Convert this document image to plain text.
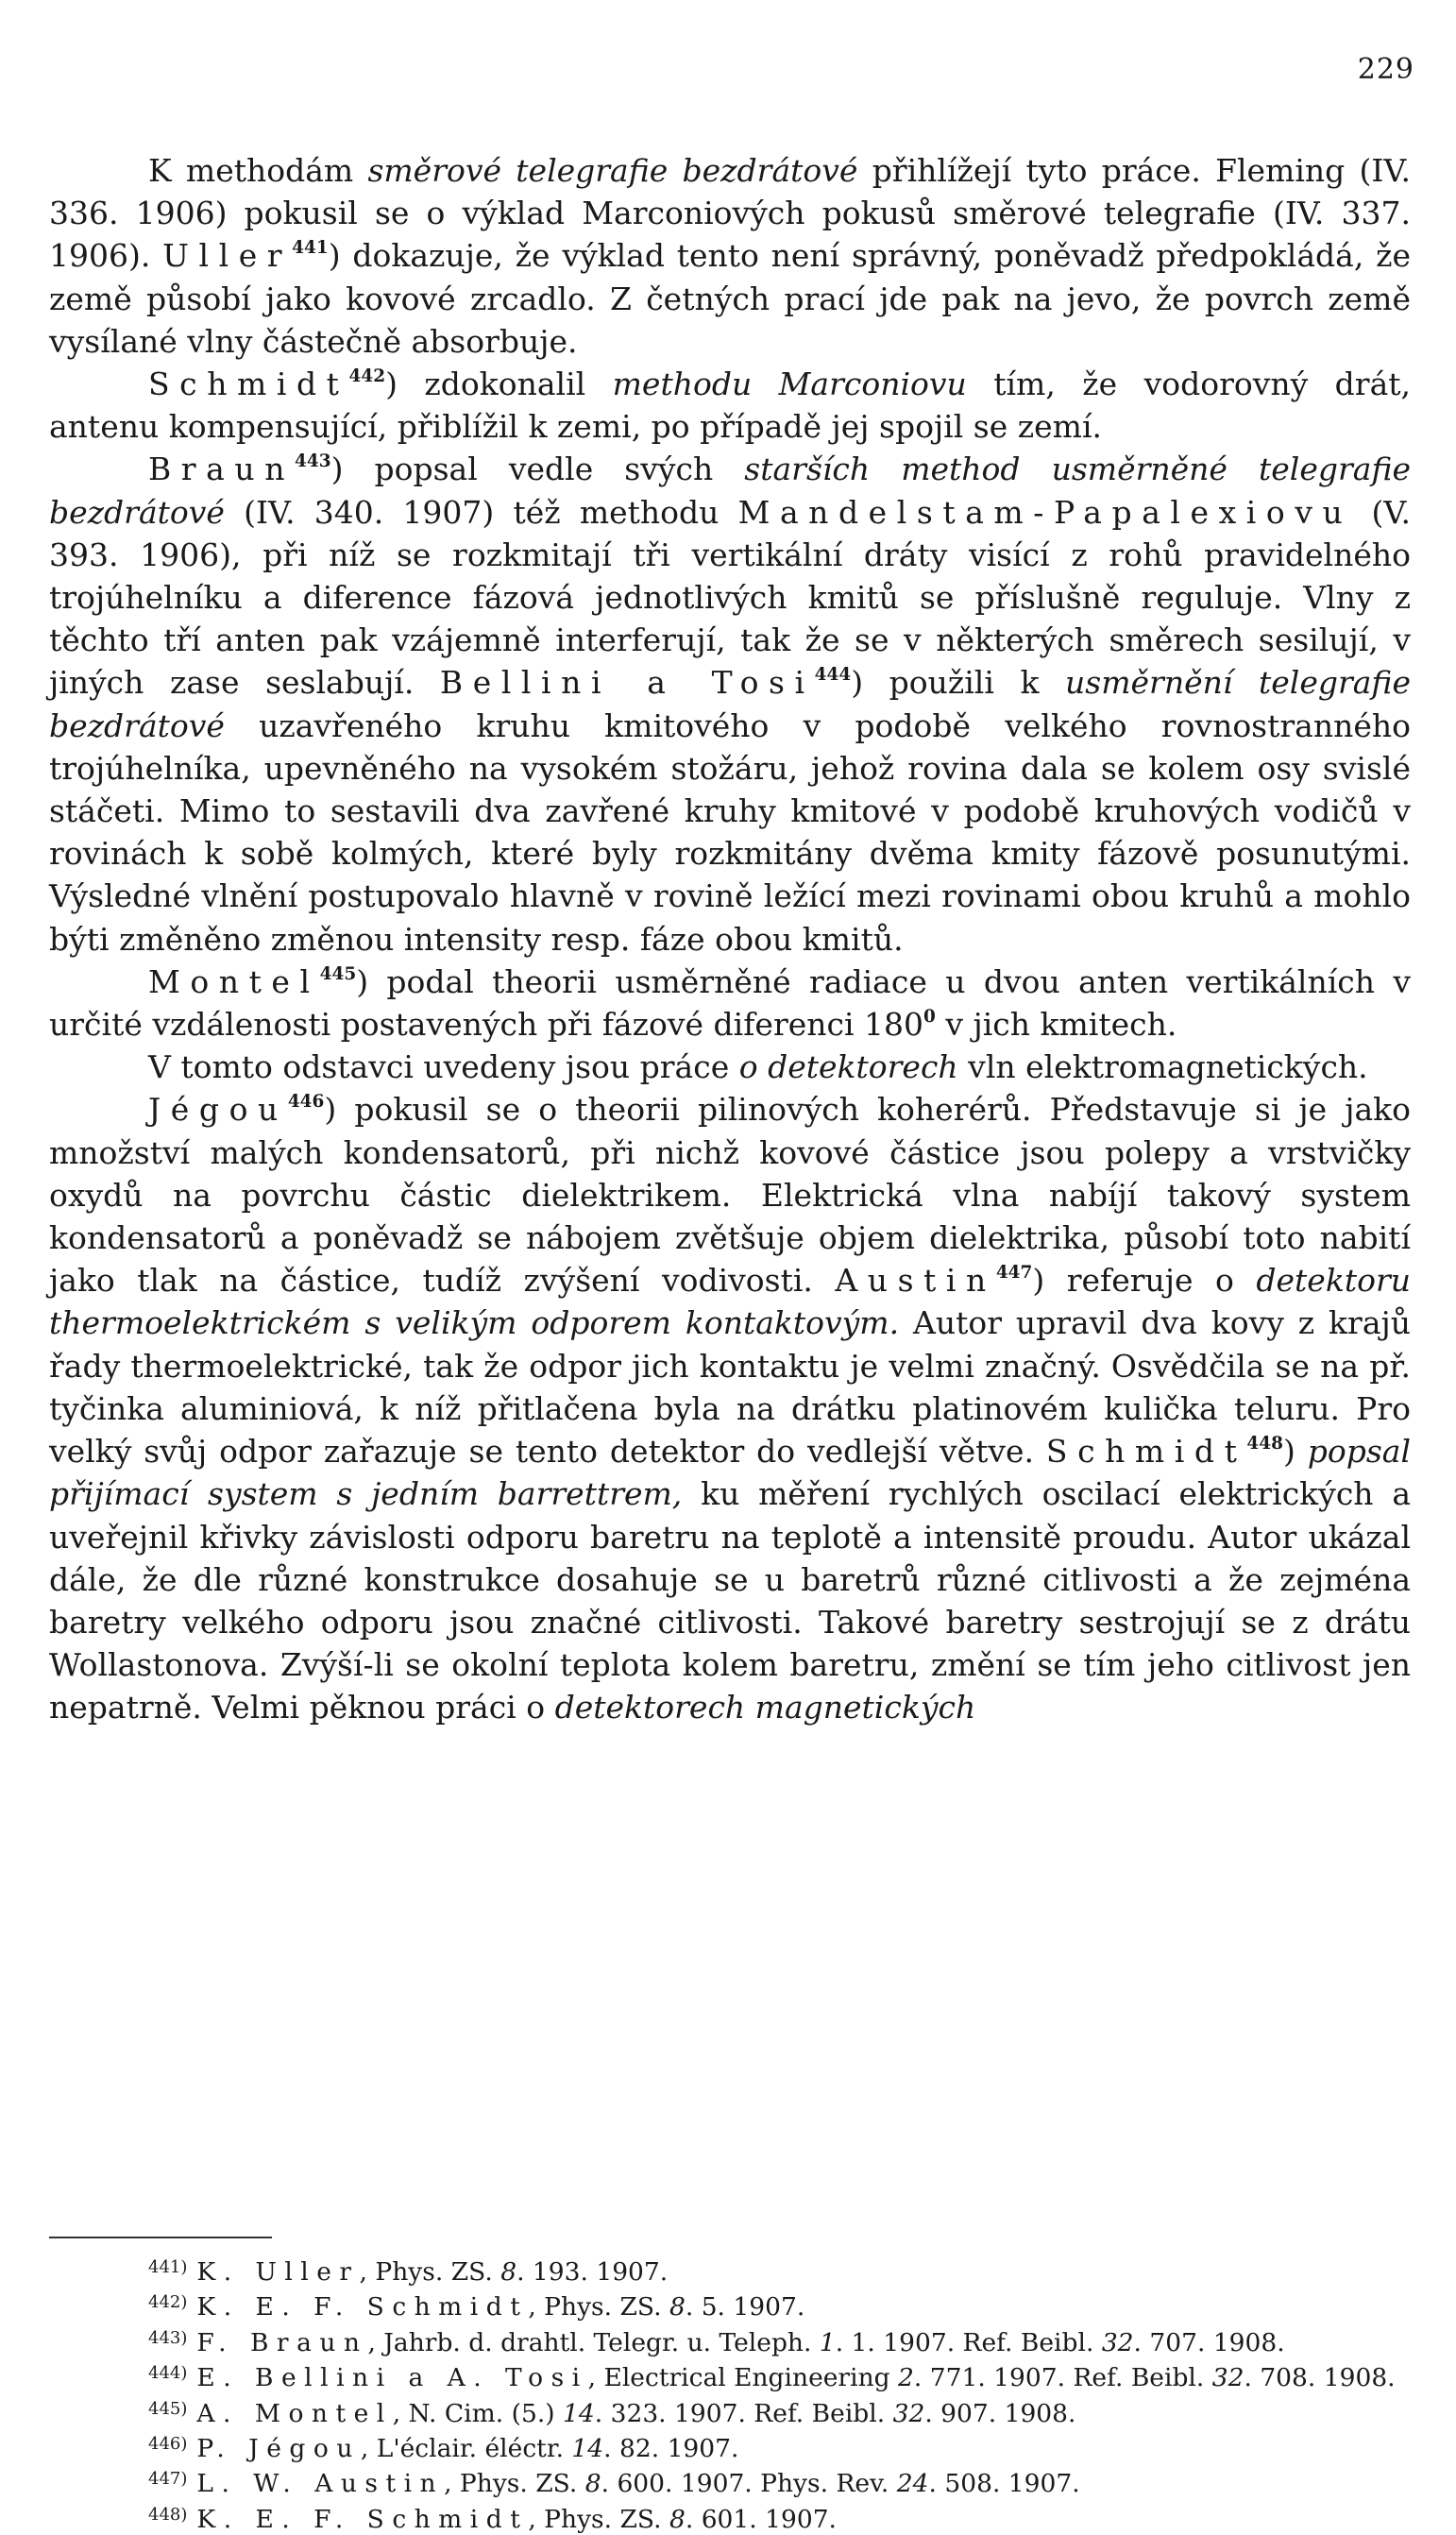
229

K methodám směrové telegrafie bezdrátové přihlížejí tyto práce. Fleming (IV. 336. 1906) pokusil se o výklad Marconiových pokusů směrové telegrafie (IV. 337. 1906). Uller$^{441}$) dokazuje, že výklad tento není správný, poněvadž předpokládá, že země působí jako kovové zrcadlo. Z četných prací jde pak na jevo, že povrch země vysílané vlny částečně absorbuje.

Schmidt$^{442}$) zdokonalil methodu Marconiovu tím, že vodorovný drát, antenu kompensující, přiblížil k zemi, po případě jej spojil se zemí.

Braun$^{443}$) popsal vedle svých starších method usměrněné telegrafie bezdrátové (IV. 340. 1907) též methodu Mandelstam-Papalexiovu (V. 393. 1906), při níž se rozkmitají tři vertikální dráty visící z rohů pravidelného trojúhelníku a diference fázová jednotlivých kmitů se příslušně reguluje. Vlny z těchto tří anten pak vzájemně interferují, tak že se v některých směrech sesilují, v jiných zase seslabují. Bellini a Tosi$^{444}$) použili k usměrnění telegrafie bezdrátové uzavřeného kruhu kmitového v podobě velkého rovnostranného trojúhelníka, upevněného na vysokém stožáru, jehož rovina dala se kolem osy svislé stáčeti. Mimo to sestavili dva zavřené kruhy kmitové v podobě kruhových vodičů v rovinách k sobě kolmých, které byly rozkmitány dvěma kmity fázově posunutými. Výsledné vlnění postupovalo hlavně v rovině ležící mezi rovinami obou kruhů a mohlo býti změněno změnou intensity resp. fáze obou kmitů.

Montel$^{445}$) podal theorii usměrněné radiace u dvou anten vertikálních v určité vzdálenosti postavených při fázové diferenci $180^0$ v jich kmitech.

V tomto odstavci uvedeny jsou práce o detektorech vln elektromagnetických.

Jégou$^{446}$) pokusil se o theorii pilinových koherérů. Představuje si je jako množství malých kondensatorů, při nichž kovové částice jsou polepy a vrstvičky oxydů na povrchu částic dielektrikem. Elektrická vlna nabíjí takový system kondensatorů a poněvadž se nábojem zvětšuje objem dielektrika, působí toto nabití jako tlak na částice, tudíž zvýšení vodivosti. Austin$^{447}$) referuje o detektoru thermoelektrickém s velikým odporem kontaktovým. Autor upravil dva kovy z krajů řady thermoelektrické, tak že odpor jich kontaktu je velmi značný. Osvědčila se na př. tyčinka aluminiová, k níž přitlačena byla na drátku platinovém kulička teluru. Pro velký svůj odpor zařazuje se tento detektor do vedlejší větve. Schmidt$^{448}$) popsal přijímací system s jedním barrettrem, ku měření rychlých oscilací elektrických a uveřejnil křivky závislosti odporu baretru na teplotě a intensitě proudu. Autor ukázal dále, že dle různé konstrukce dosahuje se u baretrů různé citlivosti a že zejména baretry velkého odporu jsou značné citlivosti. Takové baretry sestrojují se z drátu Wollastonova. Zvýší-li se okolní teplota kolem baretru, změní se tím jeho citlivost jen nepatrně. Velmi pěknou práci o detektorech magnetických

$^{441)}$ K. Uller, Phys. ZS. 8. 193. 1907.

$^{442)}$ K. E. F. Schmidt, Phys. ZS. 8. 5. 1907.

$^{443)}$ F. Braun, Jahrb. d. drahtl. Telegr. u. Teleph. 1. 1. 1907. Ref. Beibl. 32. 707. 1908.

$^{444)}$ E. Bellini a A. Tosi, Electrical Engineering 2. 771. 1907. Ref. Beibl. 32. 708. 1908.

$^{445)}$ A. Montel, N. Cim. (5.) 14. 323. 1907. Ref. Beibl. 32. 907. 1908.

$^{446)}$ P. Jégou, L'éclair. éléctr. 14. 82. 1907.

$^{447)}$ L. W. Austin, Phys. ZS. 8. 600. 1907. Phys. Rev. 24. 508. 1907.

$^{448)}$ K. E. F. Schmidt, Phys. ZS. 8. 601. 1907.
